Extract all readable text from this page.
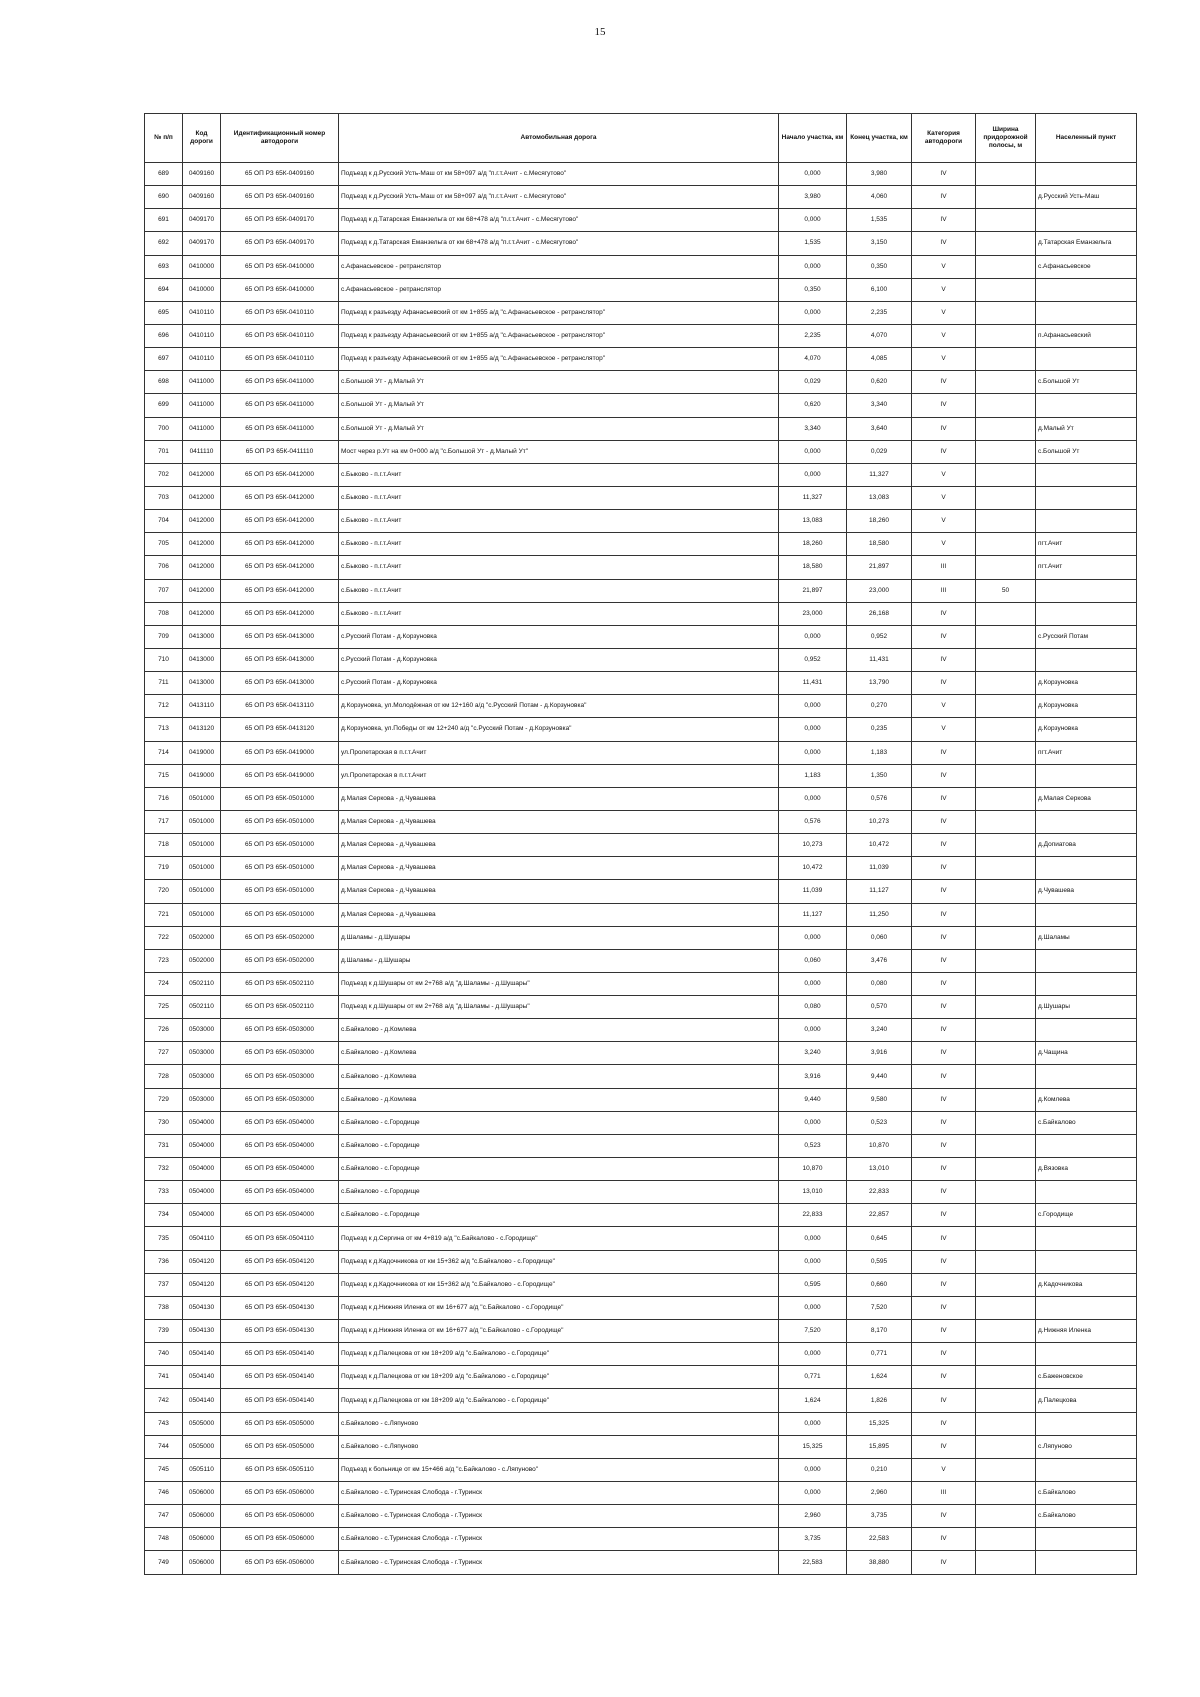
15
№ п/п	Код дороги	Идентификационный номер автодороги	Автомобильная дорога	Начало участка, км	Конец участка, км	Категория автодороги	Ширина придорожной полосы, м	Населенный пункт
689	0409160	65 ОП РЗ 65К-0409160	Подъезд к д.Русский Усть-Маш от км 58+097 а/д "п.г.т.Ачит - с.Месягутово"	0,000	3,980	IV		
690	0409160	65 ОП РЗ 65К-0409160	Подъезд к д.Русский Усть-Маш от км 58+097 а/д "п.г.т.Ачит - с.Месягутово"	3,980	4,060	IV		д.Русский Усть-Маш
691	0409170	65 ОП РЗ 65К-0409170	Подъезд к д.Татарская Еманзельга от км 68+478 а/д "п.г.т.Ачит - с.Месягутово"	0,000	1,535	IV		
692	0409170	65 ОП РЗ 65К-0409170	Подъезд к д.Татарская Еманзельга от км 68+478 а/д "п.г.т.Ачит - с.Месягутово"	1,535	3,150	IV		д.Татарская Еманзельга
693	0410000	65 ОП РЗ 65К-0410000	с.Афанасьевское - ретранслятор	0,000	0,350	V		с.Афанасьевское
694	0410000	65 ОП РЗ 65К-0410000	с.Афанасьевское - ретранслятор	0,350	6,100	V		
695	0410110	65 ОП РЗ 65К-0410110	Подъезд к разъезду Афанасьевский от км 1+855 а/д "с.Афанасьевское - ретранслятор"	0,000	2,235	V		
696	0410110	65 ОП РЗ 65К-0410110	Подъезд к разъезду Афанасьевский от км 1+855 а/д "с.Афанасьевское - ретранслятор"	2,235	4,070	V		п.Афанасьевский
697	0410110	65 ОП РЗ 65К-0410110	Подъезд к разъезду Афанасьевский от км 1+855 а/д "с.Афанасьевское - ретранслятор"	4,070	4,085	V		
698	0411000	65 ОП РЗ 65К-0411000	с.Большой Ут - д.Малый Ут	0,029	0,620	IV		с.Большой Ут
699	0411000	65 ОП РЗ 65К-0411000	с.Большой Ут - д.Малый Ут	0,620	3,340	IV		
700	0411000	65 ОП РЗ 65К-0411000	с.Большой Ут - д.Малый Ут	3,340	3,640	IV		д.Малый Ут
701	0411110	65 ОП РЗ 65К-0411110	Мост через р.Ут на км 0+000 а/д "с.Большой Ут - д.Малый Ут"	0,000	0,029	IV		с.Большой Ут
702	0412000	65 ОП РЗ 65К-0412000	с.Быково - п.г.т.Ачит	0,000	11,327	V		
703	0412000	65 ОП РЗ 65К-0412000	с.Быково - п.г.т.Ачит	11,327	13,083	V		
704	0412000	65 ОП РЗ 65К-0412000	с.Быково - п.г.т.Ачит	13,083	18,260	V		
705	0412000	65 ОП РЗ 65К-0412000	с.Быково - п.г.т.Ачит	18,260	18,580	V		пгт.Ачит
706	0412000	65 ОП РЗ 65К-0412000	с.Быково - п.г.т.Ачит	18,580	21,897	III		пгт.Ачит
707	0412000	65 ОП РЗ 65К-0412000	с.Быково - п.г.т.Ачит	21,897	23,000	III	50	
708	0412000	65 ОП РЗ 65К-0412000	с.Быково - п.г.т.Ачит	23,000	26,168	IV		
709	0413000	65 ОП РЗ 65К-0413000	с.Русский Потам - д.Корзуновка	0,000	0,952	IV		с.Русский Потам
710	0413000	65 ОП РЗ 65К-0413000	с.Русский Потам - д.Корзуновка	0,952	11,431	IV		
711	0413000	65 ОП РЗ 65К-0413000	с.Русский Потам - д.Корзуновка	11,431	13,790	IV		д.Корзуновка
712	0413110	65 ОП РЗ 65К-0413110	д.Корзуновка, ул.Молодёжная от км 12+160 а/д "с.Русский Потам - д.Корзуновка"	0,000	0,270	V		д.Корзуновка
713	0413120	65 ОП РЗ 65К-0413120	д.Корзуновка, ул.Победы от км 12+240 а/д "с.Русский Потам - д.Корзуновка"	0,000	0,235	V		д.Корзуновка
714	0419000	65 ОП РЗ 65К-0419000	ул.Пролетарская в п.г.т.Ачит	0,000	1,183	IV		пгт.Ачит
715	0419000	65 ОП РЗ 65К-0419000	ул.Пролетарская в п.г.т.Ачит	1,183	1,350	IV		
716	0501000	65 ОП РЗ 65К-0501000	д.Малая Серкова - д.Чувашева	0,000	0,576	IV		д.Малая Серкова
717	0501000	65 ОП РЗ 65К-0501000	д.Малая Серкова - д.Чувашева	0,576	10,273	IV		
718	0501000	65 ОП РЗ 65К-0501000	д.Малая Серкова - д.Чувашева	10,273	10,472	IV		д.Допиатова
719	0501000	65 ОП РЗ 65К-0501000	д.Малая Серкова - д.Чувашева	10,472	11,039	IV		
720	0501000	65 ОП РЗ 65К-0501000	д.Малая Серкова - д.Чувашева	11,039	11,127	IV		д.Чувашева
721	0501000	65 ОП РЗ 65К-0501000	д.Малая Серкова - д.Чувашева	11,127	11,250	IV		
722	0502000	65 ОП РЗ 65К-0502000	д.Шаламы - д.Шушары	0,000	0,060	IV		д.Шаламы
723	0502000	65 ОП РЗ 65К-0502000	д.Шаламы - д.Шушары	0,060	3,476	IV		
724	0502110	65 ОП РЗ 65К-0502110	Подъезд к д.Шушары от км 2+768 а/д "д.Шаламы - д.Шушары"	0,000	0,080	IV		
725	0502110	65 ОП РЗ 65К-0502110	Подъезд к д.Шушары от км 2+768 а/д "д.Шаламы - д.Шушары"	0,080	0,570	IV		д.Шушары
726	0503000	65 ОП РЗ 65К-0503000	с.Байкалово - д.Комлева	0,000	3,240	IV		
727	0503000	65 ОП РЗ 65К-0503000	с.Байкалово - д.Комлева	3,240	3,916	IV		д.Чащина
728	0503000	65 ОП РЗ 65К-0503000	с.Байкалово - д.Комлева	3,916	9,440	IV		
729	0503000	65 ОП РЗ 65К-0503000	с.Байкалово - д.Комлева	9,440	9,580	IV		д.Комлева
730	0504000	65 ОП РЗ 65К-0504000	с.Байкалово - с.Городище	0,000	0,523	IV		с.Байкалово
731	0504000	65 ОП РЗ 65К-0504000	с.Байкалово - с.Городище	0,523	10,870	IV		
732	0504000	65 ОП РЗ 65К-0504000	с.Байкалово - с.Городище	10,870	13,010	IV		д.Вязовка
733	0504000	65 ОП РЗ 65К-0504000	с.Байкалово - с.Городище	13,010	22,833	IV		
734	0504000	65 ОП РЗ 65К-0504000	с.Байкалово - с.Городище	22,833	22,857	IV		с.Городище
735	0504110	65 ОП РЗ 65К-0504110	Подъезд к д.Сергина от км 4+819 а/д "с.Байкалово - с.Городище"	0,000	0,645	IV		
736	0504120	65 ОП РЗ 65К-0504120	Подъезд к д.Кадочникова от км 15+362 а/д "с.Байкалово - с.Городище"	0,000	0,595	IV		
737	0504120	65 ОП РЗ 65К-0504120	Подъезд к д.Кадочникова от км 15+362 а/д "с.Байкалово - с.Городище"	0,595	0,660	IV		д.Кадочникова
738	0504130	65 ОП РЗ 65К-0504130	Подъезд к д.Нижняя Иленка от км 16+677 а/д "с.Байкалово - с.Городище"	0,000	7,520	IV		
739	0504130	65 ОП РЗ 65К-0504130	Подъезд к д.Нижняя Иленка от км 16+677 а/д "с.Байкалово - с.Городище"	7,520	8,170	IV		д.Нижняя Иленка
740	0504140	65 ОП РЗ 65К-0504140	Подъезд к д.Палецкова от км 18+209 а/д "с.Байкалово - с.Городище"	0,000	0,771	IV		
741	0504140	65 ОП РЗ 65К-0504140	Подъезд к д.Палецкова от км 18+209 а/д "с.Байкалово - с.Городище"	0,771	1,624	IV		с.Баженовское
742	0504140	65 ОП РЗ 65К-0504140	Подъезд к д.Палецкова от км 18+209 а/д "с.Байкалово - с.Городище"	1,624	1,826	IV		д.Палецкова
743	0505000	65 ОП РЗ 65К-0505000	с.Байкалово - с.Ляпуново	0,000	15,325	IV		
744	0505000	65 ОП РЗ 65К-0505000	с.Байкалово - с.Ляпуново	15,325	15,895	IV		с.Ляпуново
745	0505110	65 ОП РЗ 65К-0505110	Подъезд к больнице от км 15+466 а/д "с.Байкалово - с.Ляпуново"	0,000	0,210	V		
746	0506000	65 ОП РЗ 65К-0506000	с.Байкалово - с.Туринская Слобода - г.Туринск	0,000	2,960	III		с.Байкалово
747	0506000	65 ОП РЗ 65К-0506000	с.Байкалово - с.Туринская Слобода - г.Туринск	2,960	3,735	IV		с.Байкалово
748	0506000	65 ОП РЗ 65К-0506000	с.Байкалово - с.Туринская Слобода - г.Туринск	3,735	22,583	IV		
749	0506000	65 ОП РЗ 65К-0506000	с.Байкалово - с.Туринская Слобода - г.Туринск	22,583	38,880	IV		
